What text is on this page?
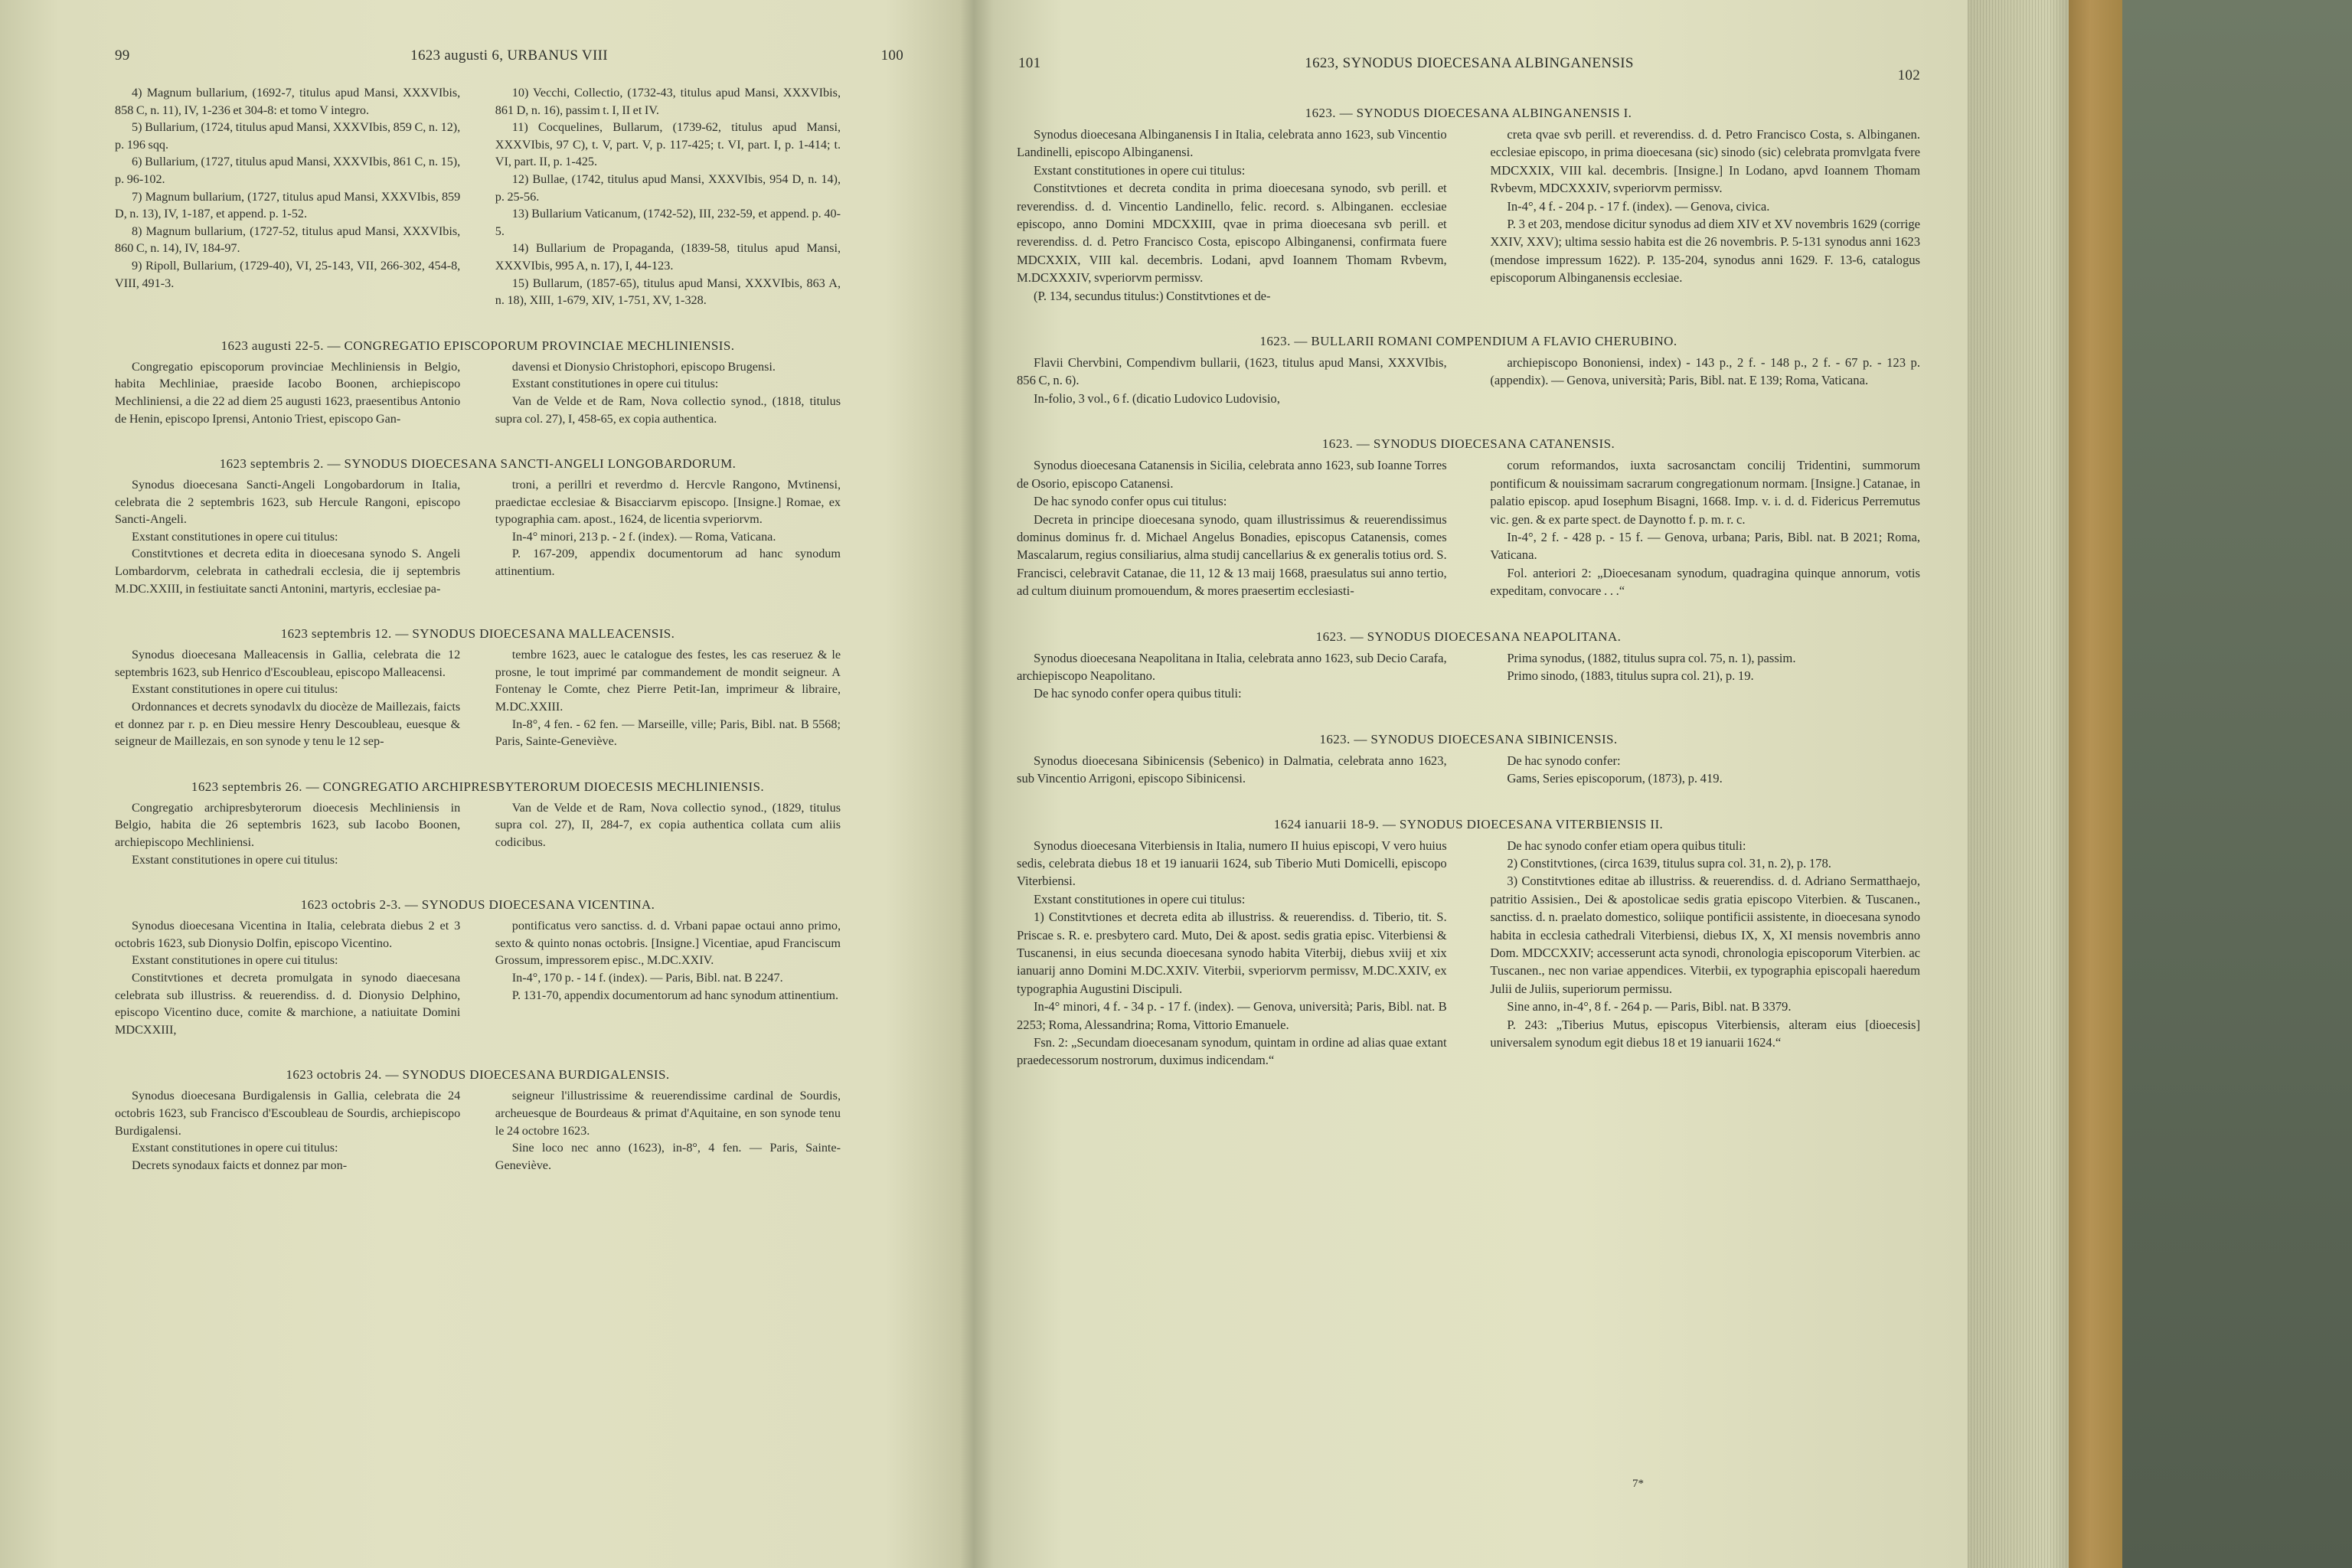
99	1623 augusti 6, URBANUS VIII	100

4) Magnum bullarium, (1692-7, titulus apud Mansi, XXXVIbis, 858 C, n. 11), IV, 1-236 et 304-8: et tomo V integro.

5) Bullarium, (1724, titulus apud Mansi, XXXVIbis, 859 C, n. 12), p. 196 sqq.

6) Bullarium, (1727, titulus apud Mansi, XXXVIbis, 861 C, n. 15), p. 96-102.

7) Magnum bullarium, (1727, titulus apud Mansi, XXXVIbis, 859 D, n. 13), IV, 1-187, et append. p. 1-52.

8) Magnum bullarium, (1727-52, titulus apud Mansi, XXXVIbis, 860 C, n. 14), IV, 184-97.

9) Ripoll, Bullarium, (1729-40), VI, 25-143, VII, 266-302, 454-8, VIII, 491-3.

10) Vecchi, Collectio, (1732-43, titulus apud Mansi, XXXVIbis, 861 D, n. 16), passim t. I, II et IV.

11) Cocquelines, Bullarum, (1739-62, titulus apud Mansi, XXXVIbis, 97 C), t. V, part. V, p. 117-425; t. VI, part. I, p. 1-414; t. VI, part. II, p. 1-425.

12) Bullae, (1742, titulus apud Mansi, XXXVIbis, 954 D, n. 14), p. 25-56.

13) Bullarium Vaticanum, (1742-52), III, 232-59, et append. p. 40-5.

14) Bullarium de Propaganda, (1839-58, titulus apud Mansi, XXXVIbis, 995 A, n. 17), I, 44-123.

15) Bullarum, (1857-65), titulus apud Mansi, XXXVIbis, 863 A, n. 18), XIII, 1-679, XIV, 1-751, XV, 1-328.

1623 augusti 22-5. — CONGREGATIO EPISCOPORUM PROVINCIAE MECHLINIENSIS.

Congregatio episcoporum provinciae Mechliniensis in Belgio, habita Mechliniae, praeside Iacobo Boonen, archiepiscopo Mechliniensi, a die 22 ad diem 25 augusti 1623, praesentibus Antonio de Henin, episcopo Iprensi, Antonio Triest, episcopo Gan-

davensi et Dionysio Christophori, episcopo Brugensi.

Exstant constitutiones in opere cui titulus:

Van de Velde et de Ram, Nova collectio synod., (1818, titulus supra col. 27), I, 458-65, ex copia authentica.

1623 septembris 2. — SYNODUS DIOECESANA SANCTI-ANGELI LONGOBARDORUM.

Synodus dioecesana Sancti-Angeli Longobardorum in Italia, celebrata die 2 septembris 1623, sub Hercule Rangoni, episcopo Sancti-Angeli.

Exstant constitutiones in opere cui titulus:

Constitvtiones et decreta edita in dioecesana synodo S. Angeli Lombardorvm, celebrata in cathedrali ecclesia, die ij septembris M.DC.XXIII, in festiuitate sancti Antonini, martyris, ecclesiae pa-

troni, a perillri et reverdmo d. Hercvle Rangono, Mvtinensi, praedictae ecclesiae & Bisacciarvm episcopo. [Insigne.] Romae, ex typographia cam. apost., 1624, de licentia svperiorvm.

In-4° minori, 213 p. - 2 f. (index). — Roma, Vaticana.

P. 167-209, appendix documentorum ad hanc synodum attinentium.

1623 septembris 12. — SYNODUS DIOECESANA MALLEACENSIS.

Synodus dioecesana Malleacensis in Gallia, celebrata die 12 septembris 1623, sub Henrico d'Escoubleau, episcopo Malleacensi.

Exstant constitutiones in opere cui titulus:

Ordonnances et decrets synodavlx du diocèze de Maillezais, faicts et donnez par r. p. en Dieu messire Henry Descoubleau, euesque & seigneur de Maillezais, en son synode y tenu le 12 sep-

tembre 1623, auec le catalogue des festes, les cas reseruez & le prosne, le tout imprimé par commandement de mondit seigneur. A Fontenay le Comte, chez Pierre Petit-Ian, imprimeur & libraire, M.DC.XXIII.

In-8°, 4 fen. - 62 fen. — Marseille, ville; Paris, Bibl. nat. B 5568; Paris, Sainte-Geneviève.

1623 septembris 26. — CONGREGATIO ARCHIPRESBYTERORUM DIOECESIS MECHLINIENSIS.

Congregatio archipresbyterorum dioecesis Mechliniensis in Belgio, habita die 26 septembris 1623, sub Iacobo Boonen, archiepiscopo Mechliniensi.

Exstant constitutiones in opere cui titulus:

Van de Velde et de Ram, Nova collectio synod., (1829, titulus supra col. 27), II, 284-7, ex copia authentica collata cum aliis codicibus.

1623 octobris 2-3. — SYNODUS DIOECESANA VICENTINA.

Synodus dioecesana Vicentina in Italia, celebrata diebus 2 et 3 octobris 1623, sub Dionysio Dolfin, episcopo Vicentino.

Exstant constitutiones in opere cui titulus:

Constitvtiones et decreta promulgata in synodo diaecesana celebrata sub illustriss. & reuerendiss. d. d. Dionysio Delphino, episcopo Vicentino duce, comite & marchione, a natiuitate Domini MDCXXIII,

pontificatus vero sanctiss. d. d. Vrbani papae octaui anno primo, sexto & quinto nonas octobris. [Insigne.] Vicentiae, apud Franciscum Grossum, impressorem episc., M.DC.XXIV.

In-4°, 170 p. - 14 f. (index). — Paris, Bibl. nat. B 2247.

P. 131-70, appendix documentorum ad hanc synodum attinentium.

1623 octobris 24. — SYNODUS DIOECESANA BURDIGALENSIS.

Synodus dioecesana Burdigalensis in Gallia, celebrata die 24 octobris 1623, sub Francisco d'Escoubleau de Sourdis, archiepiscopo Burdigalensi.

Exstant constitutiones in opere cui titulus:

Decrets synodaux faicts et donnez par mon-

seigneur l'illustrissime & reuerendissime cardinal de Sourdis, archeuesque de Bourdeaus & primat d'Aquitaine, en son synode tenu le 24 octobre 1623.

Sine loco nec anno (1623), in-8°, 4 fen. — Paris, Sainte-Geneviève.

101	1623, SYNODUS DIOECESANA ALBINGANENSIS
102
1623. — SYNODUS DIOECESANA ALBINGANENSIS I.

Synodus dioecesana Albinganensis I in Italia, celebrata anno 1623, sub Vincentio Landinelli, episcopo Albinganensi.

Exstant constitutiones in opere cui titulus:

Constitvtiones et decreta condita in prima dioecesana synodo, svb perill. et reverendiss. d. d. Vincentio Landinello, felic. record. s. Albinganen. ecclesiae episcopo, anno Domini MDCXXIII, qvae in prima dioecesana svb perill. et reverendiss. d. d. Petro Francisco Costa, episcopo Albinganensi, confirmata fuere MDCXXIX, VIII kal. decembris. Lodani, apvd Ioannem Thomam Rvbevm, M.DCXXXIV, svperiorvm permissv.

(P. 134, secundus titulus:) Constitvtiones et de-

creta qvae svb perill. et reverendiss. d. d. Petro Francisco Costa, s. Albinganen. ecclesiae episcopo, in prima dioecesana (sic) sinodo (sic) celebrata promvlgata fvere MDCXXIX, VIII kal. decembris. [Insigne.] In Lodano, apvd Ioannem Thomam Rvbevm, MDCXXXIV, svperiorvm permissv.

In-4°, 4 f. - 204 p. - 17 f. (index). — Genova, civica.

P. 3 et 203, mendose dicitur synodus ad diem XIV et XV novembris 1629 (corrige XXIV, XXV); ultima sessio habita est die 26 novembris. P. 5-131 synodus anni 1623 (mendose impressum 1622). P. 135-204, synodus anni 1629. F. 13-6, catalogus episcoporum Albinganensis ecclesiae.

1623. — BULLARII ROMANI COMPENDIUM A FLAVIO CHERUBINO.

Flavii Chervbini, Compendivm bullarii, (1623, titulus apud Mansi, XXXVIbis, 856 C, n. 6).

In-folio, 3 vol., 6 f. (dicatio Ludovico Ludovisio,

archiepiscopo Bononiensi, index) - 143 p., 2 f. - 148 p., 2 f. - 67 p. - 123 p. (appendix). — Genova, università; Paris, Bibl. nat. E 139; Roma, Vaticana.

1623. — SYNODUS DIOECESANA CATANENSIS.

Synodus dioecesana Catanensis in Sicilia, celebrata anno 1623, sub Ioanne Torres de Osorio, episcopo Catanensi.

De hac synodo confer opus cui titulus:

Decreta in principe dioecesana synodo, quam illustrissimus & reuerendissimus dominus dominus fr. d. Michael Angelus Bonadies, episcopus Catanensis, comes Mascalarum, regius consiliarius, alma studij cancellarius & ex generalis totius ord. S. Francisci, celebravit Catanae, die 11, 12 & 13 maij 1668, praesulatus sui anno tertio, ad cultum diuinum promouendum, & mores praesertim ecclesiasti-

corum reformandos, iuxta sacrosanctam concilij Tridentini, summorum pontificum & nouissimam sacrarum congregationum normam. [Insigne.] Catanae, in palatio episcop. apud Iosephum Bisagni, 1668. Imp. v. i. d. d. Fidericus Perremutus vic. gen. & ex parte spect. de Daynotto f. p. m. r. c.

In-4°, 2 f. - 428 p. - 15 f. — Genova, urbana; Paris, Bibl. nat. B 2021; Roma, Vaticana.

Fol. anteriori 2: „Dioecesanam synodum, quadragina quinque annorum, votis expeditam, convocare . . .“

1623. — SYNODUS DIOECESANA NEAPOLITANA.

Synodus dioecesana Neapolitana in Italia, celebrata anno 1623, sub Decio Carafa, archiepiscopo Neapolitano.

De hac synodo confer opera quibus tituli:

Prima synodus, (1882, titulus supra col. 75, n. 1), passim.

Primo sinodo, (1883, titulus supra col. 21), p. 19.

1623. — SYNODUS DIOECESANA SIBINICENSIS.

Synodus dioecesana Sibinicensis (Sebenico) in Dalmatia, celebrata anno 1623, sub Vincentio Arrigoni, episcopo Sibinicensi.

De hac synodo confer:

Gams, Series episcoporum, (1873), p. 419.

1624 ianuarii 18-9. — SYNODUS DIOECESANA VITERBIENSIS II.

Synodus dioecesana Viterbiensis in Italia, numero II huius episcopi, V vero huius sedis, celebrata diebus 18 et 19 ianuarii 1624, sub Tiberio Muti Domicelli, episcopo Viterbiensi.

Exstant constitutiones in opere cui titulus:

1) Constitvtiones et decreta edita ab illustriss. & reuerendiss. d. Tiberio, tit. S. Priscae s. R. e. presbytero card. Muto, Dei & apost. sedis gratia episc. Viterbiensi & Tuscanensi, in eius secunda dioecesana synodo habita Viterbij, diebus xviij et xix ianuarij anno Domini M.DC.XXIV. Viterbii, svperiorvm permissv, M.DC.XXIV, ex typographia Augustini Discipuli.

In-4° minori, 4 f. - 34 p. - 17 f. (index). — Genova, università; Paris, Bibl. nat. B 2253; Roma, Alessandrina; Roma, Vittorio Emanuele.

Fsn. 2: „Secundam dioecesanam synodum, quintam in ordine ad alias quae extant praedecessorum nostrorum, duximus indicendam.“

De hac synodo confer etiam opera quibus tituli:

2) Constitvtiones, (circa 1639, titulus supra col. 31, n. 2), p. 178.

3) Constitvtiones editae ab illustriss. & reuerendiss. d. d. Adriano Sermatthaejo, patritio Assisien., Dei & apostolicae sedis gratia episcopo Viterbien. & Tuscanen., sanctiss. d. n. praelato domestico, soliique pontificii assistente, in dioecesana synodo habita in ecclesia cathedrali Viterbiensi, diebus IX, X, XI mensis novembris anno Dom. MDCCXXIV; accesserunt acta synodi, chronologia episcoporum Viterbien. ac Tuscanen., nec non variae appendices. Viterbii, ex typographia episcopali haeredum Julii de Juliis, superiorum permissu.

Sine anno, in-4°, 8 f. - 264 p. — Paris, Bibl. nat. B 3379.

P. 243: „Tiberius Mutus, episcopus Viterbiensis, alteram eius [dioecesis] universalem synodum egit diebus 18 et 19 ianuarii 1624.“

7*
